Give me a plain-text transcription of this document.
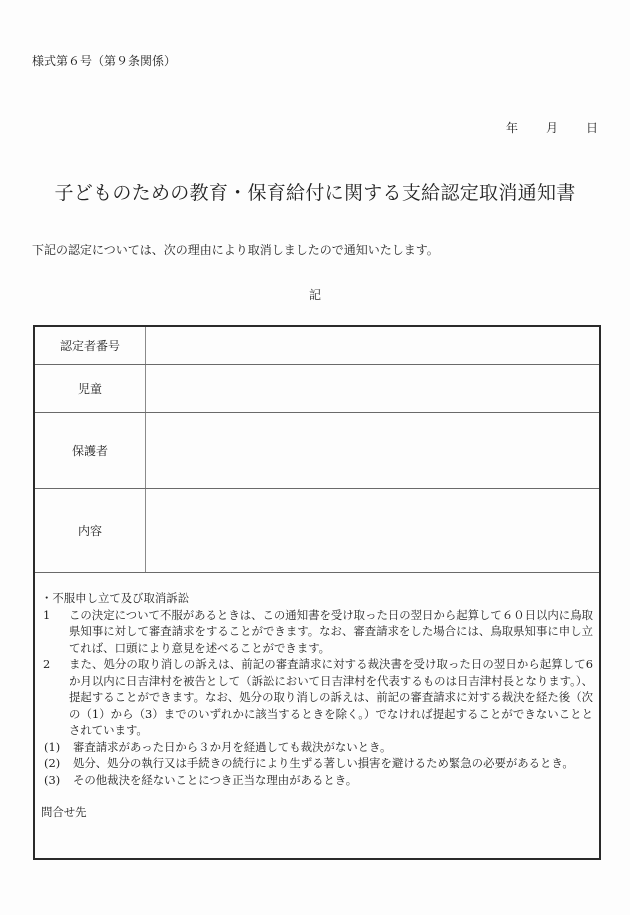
様式第６号（第９条関係）
年 月 日
子どものための教育・保育給付に関する支給認定取消通知書
下記の認定については、次の理由により取消しましたので通知いたします。
記
認定者番号
児童
保護者
内容

・不服申し立て及び取消訴訟

1	この決定について不服があるときは、この通知書を受け取った日の翌日から起算して６０日以内に鳥取県知事に対して審査請求をすることができます。なお、審査請求をした場合には、鳥取県知事に申し立てれば、口頭により意見を述べることができます。
2	また、処分の取り消しの訴えは、前記の審査請求に対する裁決書を受け取った日の翌日から起算して6か月以内に日吉津村を被告として（訴訟において日吉津村を代表するものは日吉津村長となります。）、提起することができます。なお、処分の取り消しの訴えは、前記の審査請求に対する裁決を経た後（次の（1）から（3）までのいずれかに該当するときを除く。）でなければ提起することができないこととされています。
(1)	審査請求があった日から３か月を経過しても裁決がないとき。
(2)	処分、処分の執行又は手続きの続行により生ずる著しい損害を避けるため緊急の必要があるとき。
(3)	その他裁決を経ないことにつき正当な理由があるとき。

問合せ先
